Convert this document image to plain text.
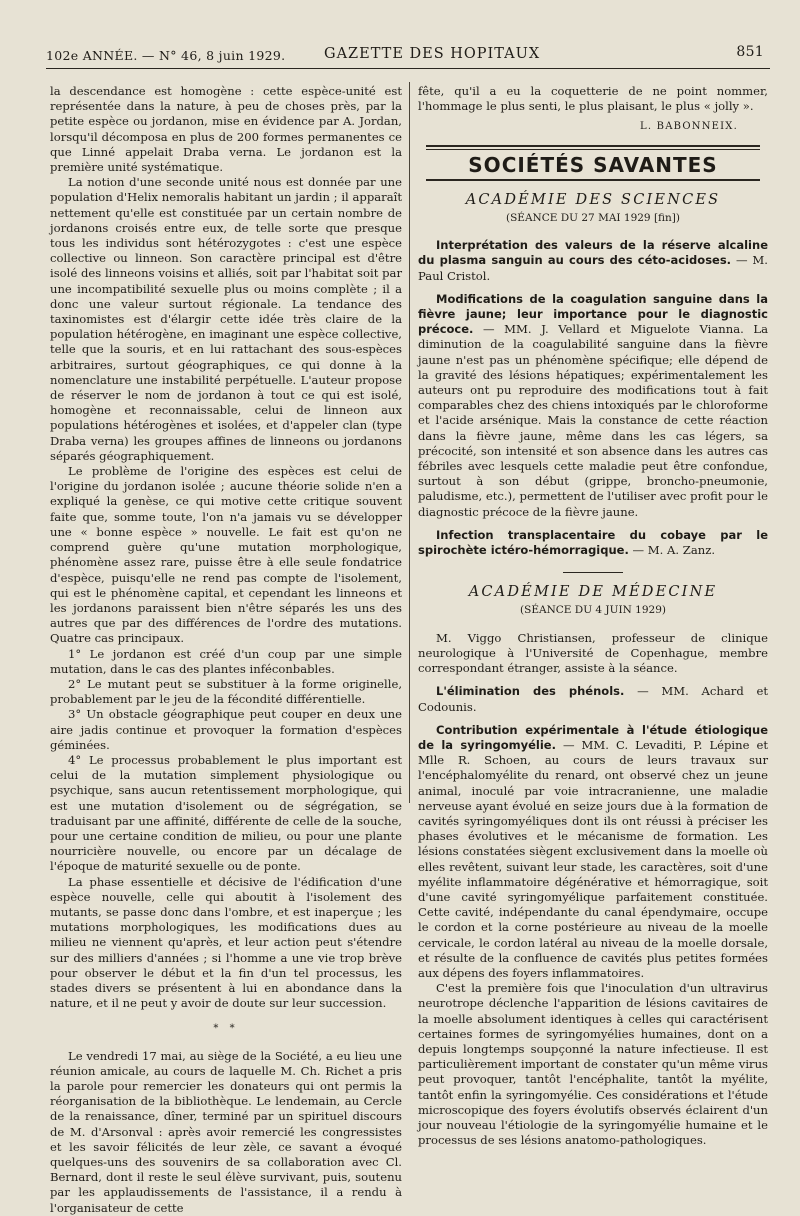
102e ANNÉE. — N° 46, 8 juin 1929.	GAZETTE DES HOPITAUX	851

la descendance est homogène : cette espèce-unité est représentée dans la nature, à peu de choses près, par la petite espèce ou jordanon, mise en évidence par A. Jordan, lorsqu'il décomposa en plus de 200 formes permanentes ce que Linné appelait Draba verna. Le jordanon est la première unité systématique.

La notion d'une seconde unité nous est donnée par une population d'Helix nemoralis habitant un jardin ; il apparaît nettement qu'elle est constituée par un certain nombre de jordanons croisés entre eux, de telle sorte que presque tous les individus sont hétérozygotes : c'est une espèce collective ou linneon. Son caractère principal est d'être isolé des linneons voisins et alliés, soit par l'habitat soit par une incompatibilité sexuelle plus ou moins complète ; il a donc une valeur surtout régionale. La tendance des taxinomistes est d'élargir cette idée très claire de la population hétérogène, en imaginant une espèce collective, telle que la souris, et en lui rattachant des sous-espèces arbitraires, surtout géographiques, ce qui donne à la nomenclature une instabilité perpétuelle. L'auteur propose de réserver le nom de jordanon à tout ce qui est isolé, homogène et reconnaissable, celui de linneon aux populations hétérogènes et isolées, et d'appeler clan (type Draba verna) les groupes affines de linneons ou jordanons séparés géographiquement.

Le problème de l'origine des espèces est celui de l'origine du jordanon isolée ; aucune théorie solide n'en a expliqué la genèse, ce qui motive cette critique souvent faite que, somme toute, l'on n'a jamais vu se développer une « bonne espèce » nouvelle. Le fait est qu'on ne comprend guère qu'une mutation morphologique, phénomène assez rare, puisse être à elle seule fondatrice d'espèce, puisqu'elle ne rend pas compte de l'isolement, qui est le phénomène capital, et cependant les linneons et les jordanons paraissent bien n'être séparés les uns des autres que par des différences de l'ordre des mutations. Quatre cas principaux.

1° Le jordanon est créé d'un coup par une simple mutation, dans le cas des plantes inféconbables.

2° Le mutant peut se substituer à la forme originelle, probablement par le jeu de la fécondité différentielle.

3° Un obstacle géographique peut couper en deux une aire jadis continue et provoquer la formation d'espèces géminées.

4° Le processus probablement le plus important est celui de la mutation simplement physiologique ou psychique, sans aucun retentissement morphologique, qui est une mutation d'isolement ou de ségrégation, se traduisant par une affinité, différente de celle de la souche, pour une certaine condition de milieu, ou pour une plante nourricière nouvelle, ou encore par un décalage de l'époque de maturité sexuelle ou de ponte.

La phase essentielle et décisive de l'édification d'une espèce nouvelle, celle qui aboutit à l'isolement des mutants, se passe donc dans l'ombre, et est inaperçue ; les mutations morphologiques, les modifications dues au milieu ne viennent qu'après, et leur action peut s'étendre sur des milliers d'années ; si l'homme a une vie trop brève pour observer le début et la fin d'un tel processus, les stades divers se présentent à lui en abondance dans la nature, et il ne peut y avoir de doute sur leur succession.

* *

Le vendredi 17 mai, au siège de la Société, a eu lieu une réunion amicale, au cours de laquelle M. Ch. Richet a pris la parole pour remercier les donateurs qui ont permis la réorganisation de la bibliothèque. Le lendemain, au Cercle de la renaissance, dîner, terminé par un spirituel discours de M. d'Arsonval : après avoir remercié les congressistes et les savoir félicités de leur zèle, ce savant a évoqué quelques-uns des souvenirs de sa collaboration avec Cl. Bernard, dont il reste le seul élève survivant, puis, soutenu par les applaudissements de l'assistance, il a rendu à l'organisateur de cette

fête, qu'il a eu la coquetterie de ne point nommer, l'hommage le plus senti, le plus plaisant, le plus « jolly ».

L. BABONNEIX.
SOCIÉTÉS SAVANTES
ACADÉMIE DES SCIENCES
(SÉANCE DU 27 MAI 1929 [fin])

Interprétation des valeurs de la réserve alcaline du plasma sanguin au cours des céto-acidoses. — M. Paul Cristol.

Modifications de la coagulation sanguine dans la fièvre jaune; leur importance pour le diagnostic précoce. — MM. J. Vellard et Miguelote Vianna. La diminution de la coagulabilité sanguine dans la fièvre jaune n'est pas un phénomène spécifique; elle dépend de la gravité des lésions hépatiques; expérimentalement les auteurs ont pu reproduire des modifications tout à fait comparables chez des chiens intoxiqués par le chloroforme et l'acide arsénique. Mais la constance de cette réaction dans la fièvre jaune, même dans les cas légers, sa précocité, son intensité et son absence dans les autres cas fébriles avec lesquels cette maladie peut être confondue, surtout à son début (grippe, broncho-pneumonie, paludisme, etc.), permettent de l'utiliser avec profit pour le diagnostic précoce de la fièvre jaune.

Infection transplacentaire du cobaye par le spirochète ictéro-hémorragique. — M. A. Zanz.

ACADÉMIE DE MÉDECINE
(SÉANCE DU 4 JUIN 1929)

M. Viggo Christiansen, professeur de clinique neurologique à l'Université de Copenhague, membre correspondant étranger, assiste à la séance.

L'élimination des phénols. — MM. Achard et Codounis.

Contribution expérimentale à l'étude étiologique de la syringomyélie. — MM. C. Levaditi, P. Lépine et Mlle R. Schoen, au cours de leurs travaux sur l'encéphalomyélite du renard, ont observé chez un jeune animal, inoculé par voie intracranienne, une maladie nerveuse ayant évolué en seize jours due à la formation de cavités syringomyéliques dont ils ont réussi à préciser les phases évolutives et le mécanisme de formation. Les lésions constatées siègent exclusivement dans la moelle où elles revêtent, suivant leur stade, les caractères, soit d'une myélite inflammatoire dégénérative et hémorragique, soit d'une cavité syringomyélique parfaitement constituée. Cette cavité, indépendante du canal épendymaire, occupe le cordon et la corne postérieure au niveau de la moelle cervicale, le cordon latéral au niveau de la moelle dorsale, et résulte de la confluence de cavités plus petites formées aux dépens des foyers inflammatoires.

C'est la première fois que l'inoculation d'un ultravirus neurotrope déclenche l'apparition de lésions cavitaires de la moelle absolument identiques à celles qui caractérisent certaines formes de syringomyélies humaines, dont on a depuis longtemps soupçonné la nature infectieuse. Il est particulièrement important de constater qu'un même virus peut provoquer, tantôt l'encéphalite, tantôt la myélite, tantôt enfin la syringomyélie. Ces considérations et l'étude microscopique des foyers évolutifs observés éclairent d'un jour nouveau l'étiologie de la syringomyélie humaine et le processus de ses lésions anatomo-pathologiques.
